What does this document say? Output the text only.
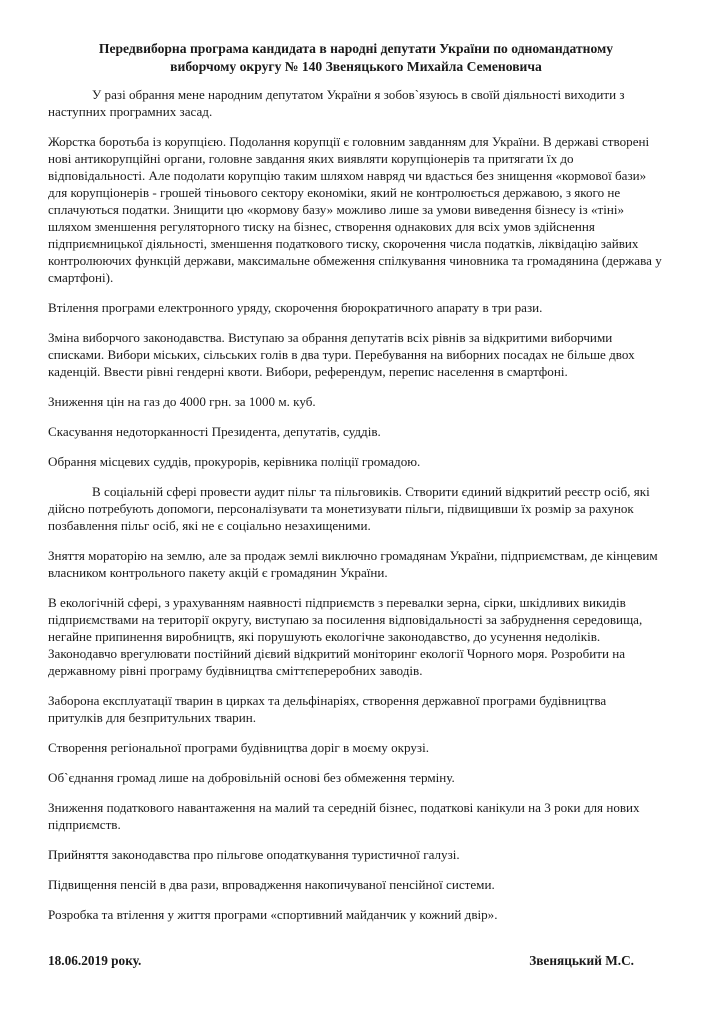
Передвиборна програма кандидата в народні депутати України по одномандатному
виборчому округу № 140 Звеняцького Михайла Семеновича

У разі обрання мене народним депутатом України я зобов`язуюсь в своїй діяльності виходити з наступних програмних засад.

Жорстка боротьба із корупцією. Подолання корупції є головним завданням для України. В державі створені нові антикорупційні органи, головне завдання яких виявляти корупціонерів та притягати їх до відповідальності. Але подолати корупцію таким шляхом навряд чи вдасться без знищення «кормової бази» для корупціонерів - грошей тіньового сектору економіки, який не контролюється державою, з якого не сплачуються податки. Знищити цю «кормову базу» можливо лише за умови виведення бізнесу із «тіні» шляхом зменшення регуляторного тиску на бізнес, створення однакових для всіх умов здійснення підприємницької діяльності, зменшення податкового тиску, скорочення числа податків, ліквідацію зайвих контролюючих функцій держави, максимальне обмеження спілкування чиновника та громадянина (держава у смартфоні).

Втілення програми електронного уряду, скорочення бюрократичного апарату в три рази.

Зміна виборчого законодавства. Виступаю за обрання депутатів всіх рівнів за відкритими виборчими списками. Вибори міських, сільських голів в два тури. Перебування на виборних посадах не більше двох каденцій. Ввести рівні гендерні квоти. Вибори, референдум, перепис населення в смартфоні.

Зниження цін на газ до 4000 грн. за 1000 м. куб.

Скасування недоторканності Президента, депутатів, суддів.

Обрання місцевих суддів, прокурорів, керівника поліції громадою.

В соціальній сфері провести аудит пільг та пільговиків. Створити єдиний відкритий реєстр осіб, які дійсно потребують допомоги, персоналізувати та монетизувати пільги, підвищивши їх розмір за рахунок позбавлення пільг осіб, які не є соціально незахищеними.

Зняття мораторію на землю, але за продаж землі виключно громадянам України, підприємствам, де кінцевим власником контрольного пакету акцій є громадянин України.

В екологічній сфері, з урахуванням наявності підприємств з перевалки зерна, сірки, шкідливих викидів підприємствами на території округу, виступаю за посилення відповідальності за забруднення середовища, негайне припинення виробництв, які порушують екологічне законодавство, до усунення недоліків. Законодавчо врегулювати постійний дієвий відкритий моніторинг екології Чорного моря. Розробити на державному рівні програму будівництва сміттєпереробних заводів.

Заборона експлуатації тварин в цирках та дельфінаріях, створення державної програми будівництва притулків для безпритульних тварин.

Створення регіональної програми будівництва доріг в моєму окрузі.

Об`єднання громад лише на добровільній основі без обмеження терміну.

Зниження податкового навантаження на малий та середній бізнес, податкові канікули на 3 роки для нових підприємств.

Прийняття законодавства про пільгове оподаткування туристичної галузі.

Підвищення пенсій в два рази, впровадження накопичуваної пенсійної системи.

Розробка та втілення у життя програми «спортивний майданчик у кожний двір».

18.06.2019 року.	Звеняцький М.С.
